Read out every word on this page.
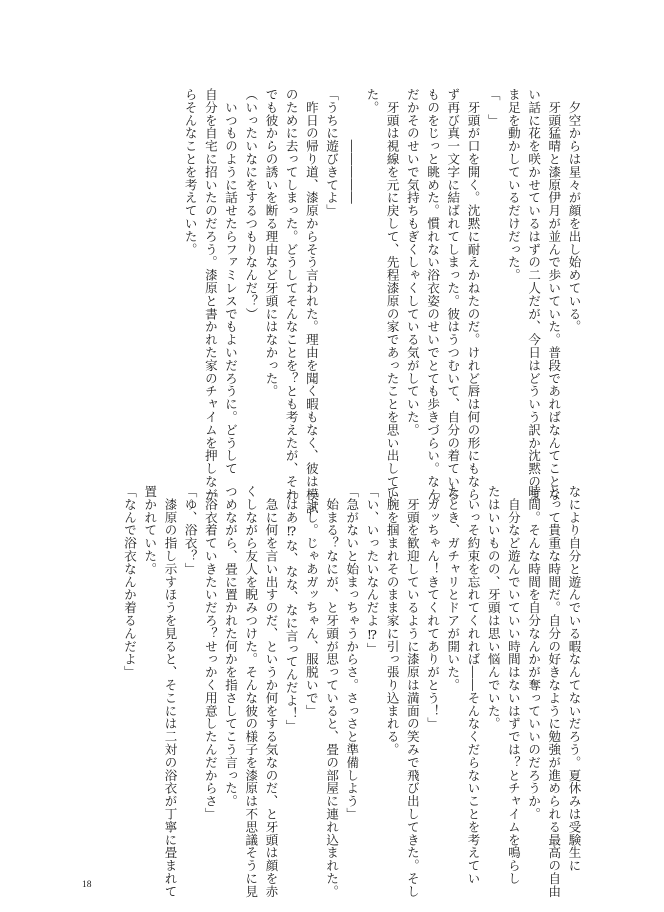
　夕空からは星々が顔を出し始めている。

　牙頭猛晴と漆原伊月が並んで歩いていた。普段であればなんてことな

い話に花を咲かせているはずの二人だが、今日はどういう訳か沈黙のま

ま足を動かしているだけだった。

「　」

　牙頭が口を開く。沈黙に耐えかねたのだ。けれど唇は何の形にもなら

ず再び真一文字に結ばれてしまった。彼はうつむいて、自分の着ている

ものをじっと眺めた。慣れない浴衣姿のせいでとても歩きづらい。なん

だかそのせいで気持ちもぎくしゃくしている気がしていた。

　牙頭は視線を元に戻して、先程漆原の家であったことを思い出してい

た。

　　　　―――――

「うちに遊びきてよ」

　昨日の帰り道、漆原からそう言われた。理由を聞く暇もなく、彼は模試

のために去ってしまった。どうしてそんなことを？とも考えたが、それ

でも彼からの誘いを断る理由など牙頭にはなかった。

（いったいなにをするつもりなんだ？）

　いつものように話せたらファミレスでもよいだろうに。どうして

自分を自宅に招いたのだろう。漆原と書かれた家のチャイムを押しなが

らそんなことを考えていた。

なにより自分と遊んでいる暇なんてないだろう。夏休みは受験生に

とって貴重な時間だ。自分の好きなように勉強が進められる最高の自由

時間。そんな時間を自分なんかが奪っていいのだろうか。

　自分など遊んでいていい時間はないはずでは？とチャイムを鳴らし

たはいいものの、牙頭は思い悩んでいた。

　いっそ約束を忘れてくれれば――そんなくだらないことを考えてい

たとき、ガチャリとドアが開いた。

「ガッちゃん！きてくれてありがとう！」

　牙頭を歓迎しているように漆原は満面の笑みで飛び出してきた。そし

て腕を掴まれそのまま家に引っ張り込まれる。

「い、いったいなんだよ⁉」

「急がないと始まっちゃうからさ。さっさと準備しよう」

　始まる？なにが、と牙頭が思っていると、畳の部屋に連れ込まれた。

「よし。じゃあガッちゃん、服脱いで」

「はあ⁉な、なな、なに言ってんだよ！」

　急に何を言い出すのだ、というか何をする気なのだ、と牙頭は顔を赤

くしながら友人を睨みつけた。そんな彼の様子を漆原は不思議そうに見

つめながら、畳に置かれた何かを指さしてこう言った。

「浴衣着ていきたいだろ？せっかく用意したんだからさ」

「ゆ、浴衣？」

　漆原の指し示すほうを見ると、そこには二対の浴衣が丁寧に畳まれて

置かれていた。

「なんで浴衣なんか着るんだよ」

18
